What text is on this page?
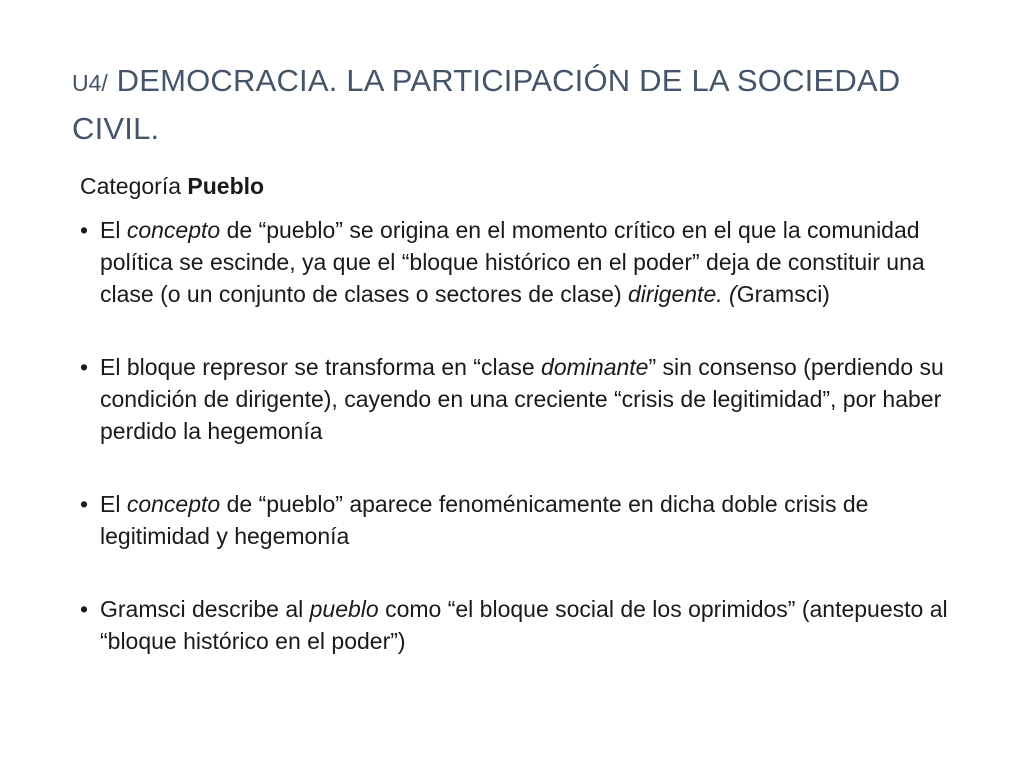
U4/ DEMOCRACIA. LA PARTICIPACIÓN DE LA SOCIEDAD CIVIL.
Categoría Pueblo
• El concepto de “pueblo” se origina en el momento crítico en el que la comunidad política se escinde, ya que el “bloque histórico en el poder” deja de constituir una clase (o un conjunto de clases o sectores de clase) dirigente. (Gramsci)
• El bloque represor se transforma en “clase dominante” sin consenso (perdiendo su condición de dirigente), cayendo en una creciente “crisis de legitimidad”, por haber perdido la hegemonía
• El concepto de “pueblo” aparece fenoménicamente en dicha doble crisis de legitimidad y hegemonía
• Gramsci describe al pueblo como “el bloque social de los oprimidos” (antepuesto al “bloque histórico en el poder”)
